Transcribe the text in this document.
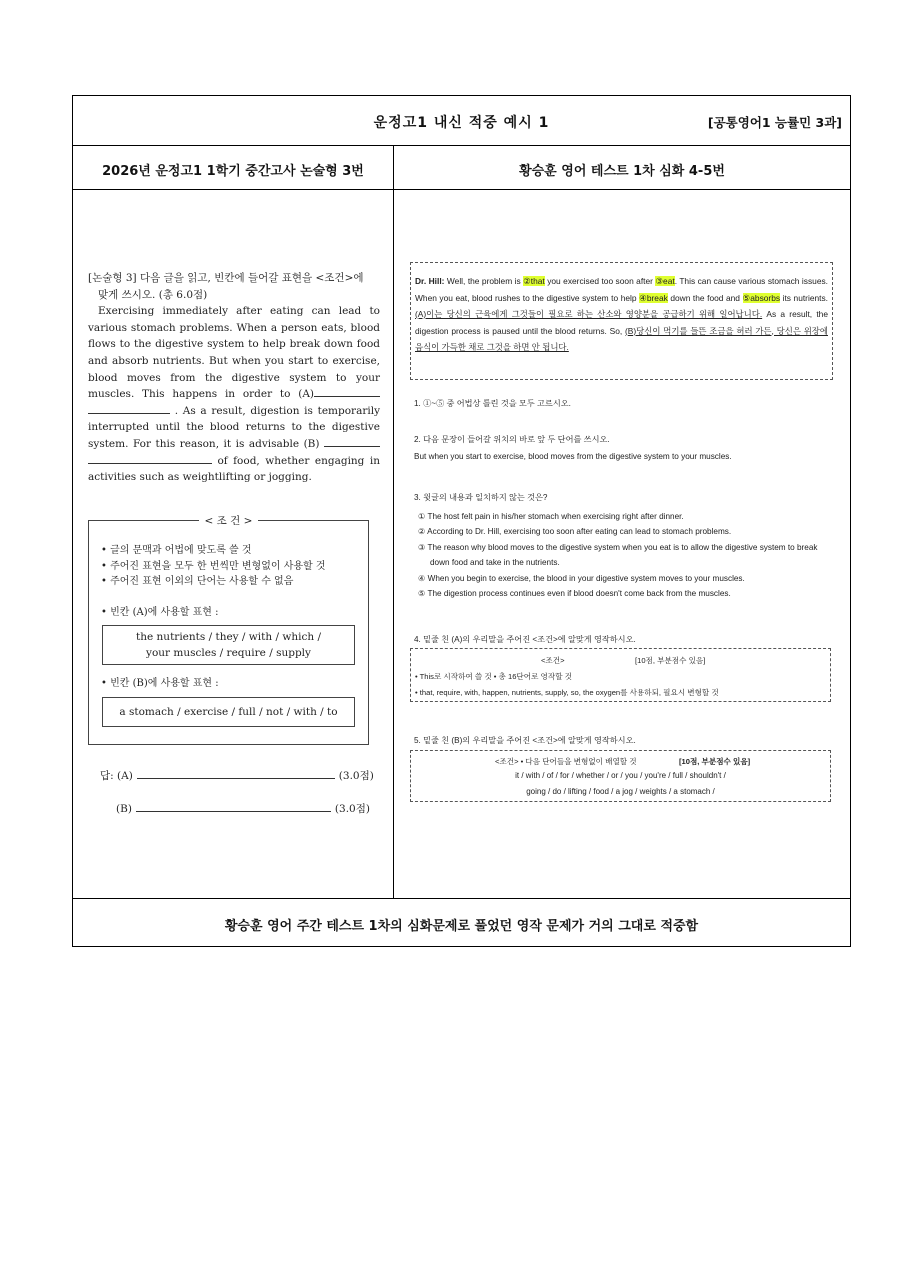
운정고1 내신 적중 예시 1	[공통영어1 능률민 3과]
2026년 운정고1 1학기 중간고사 논술형 3번	황승훈 영어 테스트 1차 심화 4-5번
황승훈 영어 주간 테스트 1차의 심화문제로 풀었던 영작 문제가 거의 그대로 적중함

[논술형 3] 다음 글을 읽고, 빈칸에 들어갈 표현을 <조건>에
맞게 쓰시오. (총 6.0점)

Exercising immediately after eating can lead to various stomach problems. When a person eats, blood flows to the digestive system to help break down food and absorb nutrients. But when you start to exercise, blood moves from the digestive system to your muscles. This happens in order to (A)  . As a result, digestion is temporarily interrupted until the blood returns to the digestive system. For this reason, it is advisable (B)   of food, whether engaging in activities such as weightlifting or jogging.

< 조 건 >
• 글의 문맥과 어법에 맞도록 쓸 것
• 주어진 표현을 모두 한 번씩만 변형없이 사용할 것
• 주어진 표현 이외의 단어는 사용할 수 없음
• 빈칸 (A)에 사용할 표현 :
the nutrients / they / with / which /
your muscles / require / supply
• 빈칸 (B)에 사용할 표현 :
a stomach / exercise / full / not / with / to
답: (A)	(3.0점)
(B)	(3.0점)
Dr. Hill: Well, the problem is ②that you exercised too soon after ③eat. This can cause various stomach issues. When you eat, blood rushes to the digestive system to help ④break down the food and ⑤absorbs its nutrients. (A)이는 당신의 근육에게 그것들이 필요로 하는 산소와 영양분을 공급하기 위해 일어납니다. As a result, the digestion process is paused until the blood returns. So, (B)당신이 먹기를 들뜬 조금을 허러 가든, 당신은 위장에 음식이 가득한 채로 그것을 하면 안 됩니다.
1. ①~⑤ 중 어법상 틀린 것을 모두 고르시오.
2. 다음 문장이 들어갈 위치의 바로 앞 두 단어를 쓰시오.
But when you start to exercise, blood moves from the digestive system to your muscles.
3. 윗글의 내용과 일치하지 않는 것은?
① The host felt pain in his/her stomach when exercising right after dinner.
② According to Dr. Hill, exercising too soon after eating can lead to stomach problems.
③ The reason why blood moves to the digestive system when you eat is to allow the digestive system to break down food and take in the nutrients.
④ When you begin to exercise, the blood in your digestive system moves to your muscles.
⑤ The digestion process continues even if blood doesn't come back from the muscles.
4. 밑줄 친 (A)의 우리말을 주어진 <조건>에 알맞게 영작하시오.
<조건>	[10점, 부분점수 있음]
• This로 시작하여 쓸 것 • 총 16단어로 영작할 것
• that, require, with, happen, nutrients, supply, so, the oxygen를 사용하되, 필요시 변형할 것
5. 밑줄 친 (B)의 우리말을 주어진 <조건>에 알맞게 영작하시오.
<조건> • 다음 단어들을 변형없이 배열할 것	[10점, 부분점수 있음]
it / with / of / for / whether / or / you / you're / full / shouldn't /
going / do / lifting / food / a jog / weights / a stomach /
